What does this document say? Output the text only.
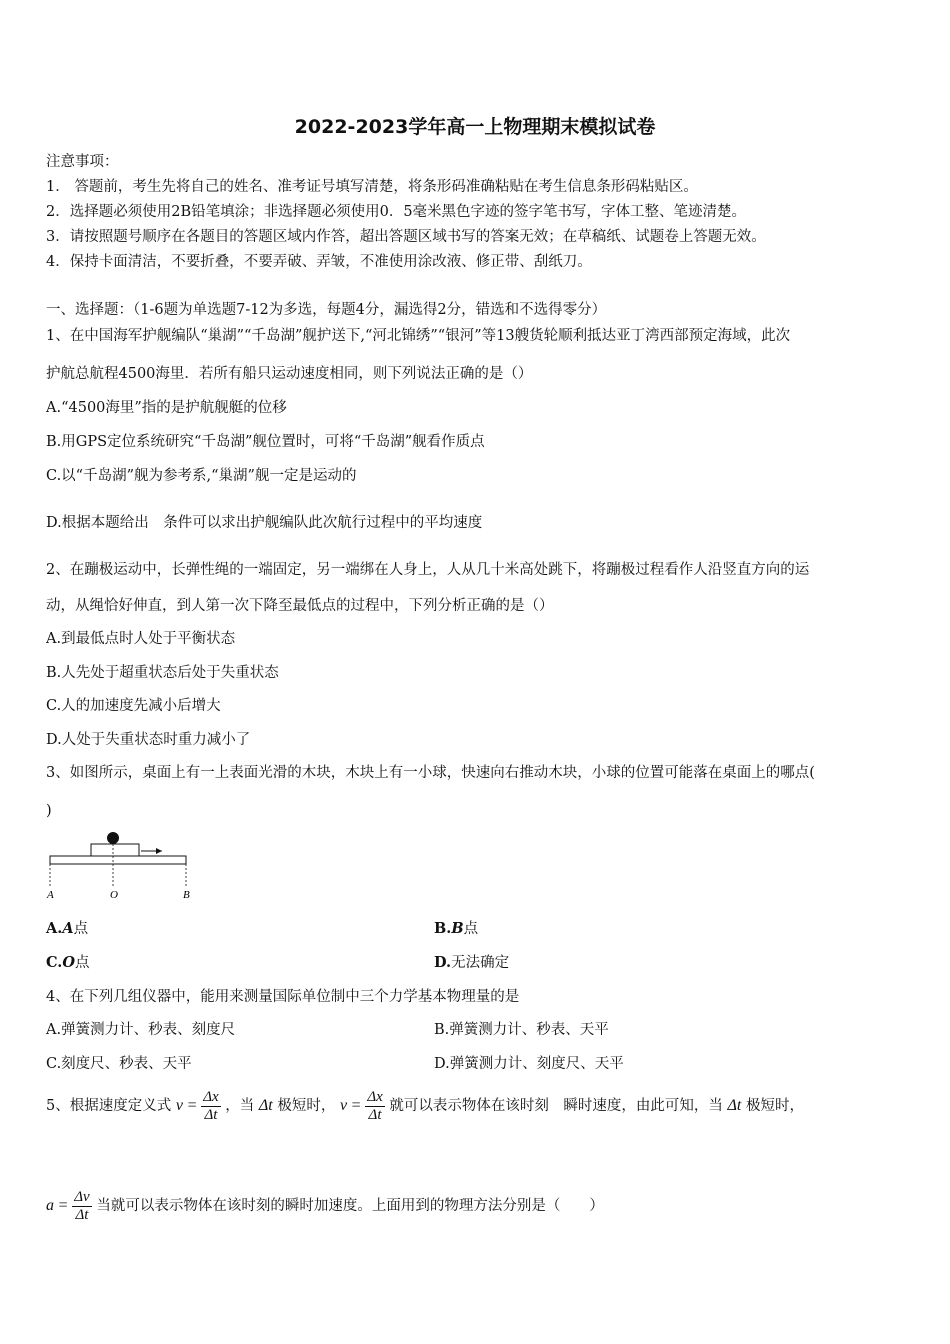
2022-2023学年高一上物理期末模拟试卷
注意事项：
1． 答题前，考生先将自己的姓名、准考证号填写清楚，将条形码准确粘贴在考生信息条形码粘贴区。
2．选择题必须使用2B铅笔填涂；非选择题必须使用0．5毫米黑色字迹的签字笔书写，字体工整、笔迹清楚。
3．请按照题号顺序在各题目的答题区域内作答，超出答题区域书写的答案无效；在草稿纸、试题卷上答题无效。
4．保持卡面清洁，不要折叠，不要弄破、弄皱，不准使用涂改液、修正带、刮纸刀。
一、选择题：（1-6题为单选题7-12为多选，每题4分，漏选得2分，错选和不选得零分）
1、在中国海军护舰编队“巢湖”“千岛湖”舰护送下,“河北锦绣”“银河”等13艘货轮顺利抵达亚丁湾西部预定海域，此次
护航总航程4500海里．若所有船只运动速度相同，则下列说法正确的是（）
A.“4500海里”指的是护航舰艇的位移
B.用GPS定位系统研究“千岛湖”舰位置时，可将“千岛湖”舰看作质点
C.以“千岛湖”舰为参考系,“巢湖”舰一定是运动的
D.根据本题给出　条件可以求出护舰编队此次航行过程中的平均速度
2、在蹦极运动中，长弹性绳的一端固定，另一端绑在人身上，人从几十米高处跳下，将蹦极过程看作人沿竖直方向的运
动，从绳恰好伸直，到人第一次下降至最低点的过程中，下列分析正确的是（）
A.到最低点时人处于平衡状态
B.人先处于超重状态后处于失重状态
C.人的加速度先减小后增大
D.人处于失重状态时重力减小了
3、如图所示，桌面上有一上表面光滑的木块，木块上有一小球，快速向右推动木块，小球的位置可能落在桌面上的哪点(
)
A	O	B
A.A点	B.B点
C.O点	D.无法确定
4、在下列几组仪器中，能用来测量国际单位制中三个力学基本物理量的是
A.弹簧测力计、秒表、刻度尺	B.弹簧测力计、秒表、天平
C.刻度尺、秒表、天平	D.弹簧测力计、刻度尺、天平
5、根据速度定义式 $v = \frac{\Delta x}{\Delta t}$ ，当 Δt 极短时， $v = \frac{\Delta x}{\Delta t}$ 就可以表示物体在该时刻　瞬时速度，由此可知，当 Δt 极短时，
$a = \frac{\Delta v}{\Delta t}$ 当就可以表示物体在该时刻的瞬时加速度。上面用到的物理方法分别是（　　）
